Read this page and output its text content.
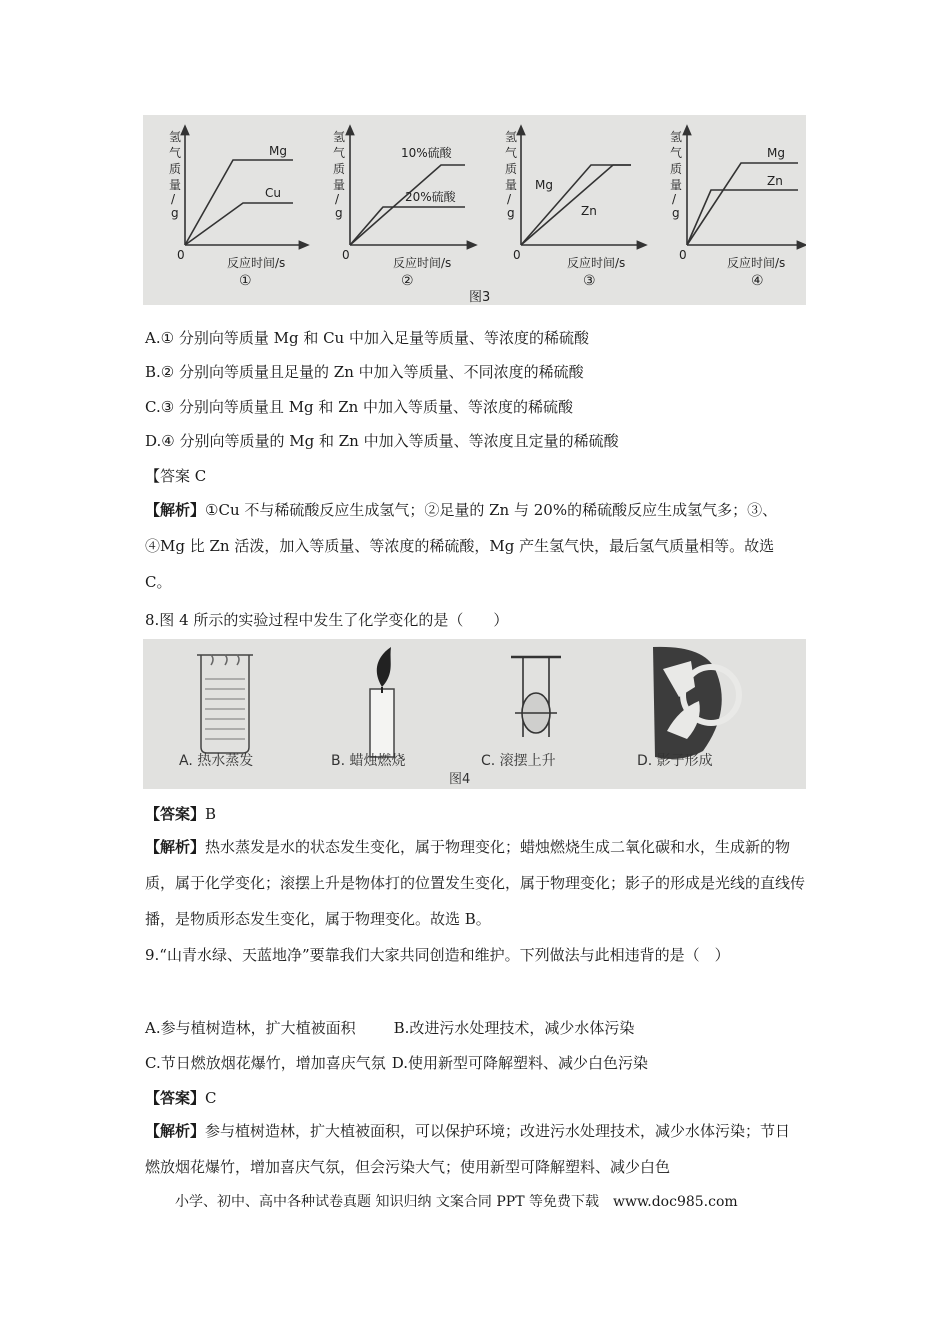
氢
气
质
量
/
g
0
反应时间/s
①
Mg
Cu
氢
气
质
量
/
g
0
反应时间/s
②
10%硫酸
20%硫酸
氢
气
质
量
/
g
0
反应时间/s
③
Mg
Zn
氢
气
质
量
/
g
0
反应时间/s
④
Mg
Zn
图3
A.① 分别向等质量 Mg 和 Cu 中加入足量等质量、等浓度的稀硫酸
B.② 分别向等质量且足量的 Zn 中加入等质量、不同浓度的稀硫酸
C.③ 分别向等质量且 Mg 和 Zn 中加入等质量、等浓度的稀硫酸
D.④ 分别向等质量的 Mg 和 Zn 中加入等质量、等浓度且定量的稀硫酸
【答案 C
【解析】①Cu 不与稀硫酸反应生成氢气；②足量的 Zn 与 20%的稀硫酸反应生成氢气多；③、④Mg 比 Zn 活泼，加入等质量、等浓度的稀硫酸，Mg 产生氢气快，最后氢气质量相等。故选 C。
8.图 4 所示的实验过程中发生了化学变化的是（　　）
A. 热水蒸发	B. 蜡烛燃烧	C. 滚摆上升	D. 影子形成
图4
【答案】B
【解析】热水蒸发是水的状态发生变化，属于物理变化；蜡烛燃烧生成二氧化碳和水，生成新的物质，属于化学变化；滚摆上升是物体打的位置发生变化，属于物理变化；影子的形成是光线的直线传播，是物质形态发生变化，属于物理变化。故选 B。
9.“山青水绿、天蓝地净”要靠我们大家共同创造和维护。下列做法与此相违背的是（　）
A.参与植树造林，扩大植被面积	B.改进污水处理技术，减少水体污染
C.节日燃放烟花爆竹，增加喜庆气氛 D.使用新型可降解塑料、减少白色污染
【答案】C
【解析】参与植树造林，扩大植被面积，可以保护环境；改进污水处理技术，减少水体污染；节日燃放烟花爆竹，增加喜庆气氛，但会污染大气；使用新型可降解塑料、减少白色
小学、初中、高中各种试卷真题 知识归纳 文案合同 PPT 等免费下载　www.doc985.com
